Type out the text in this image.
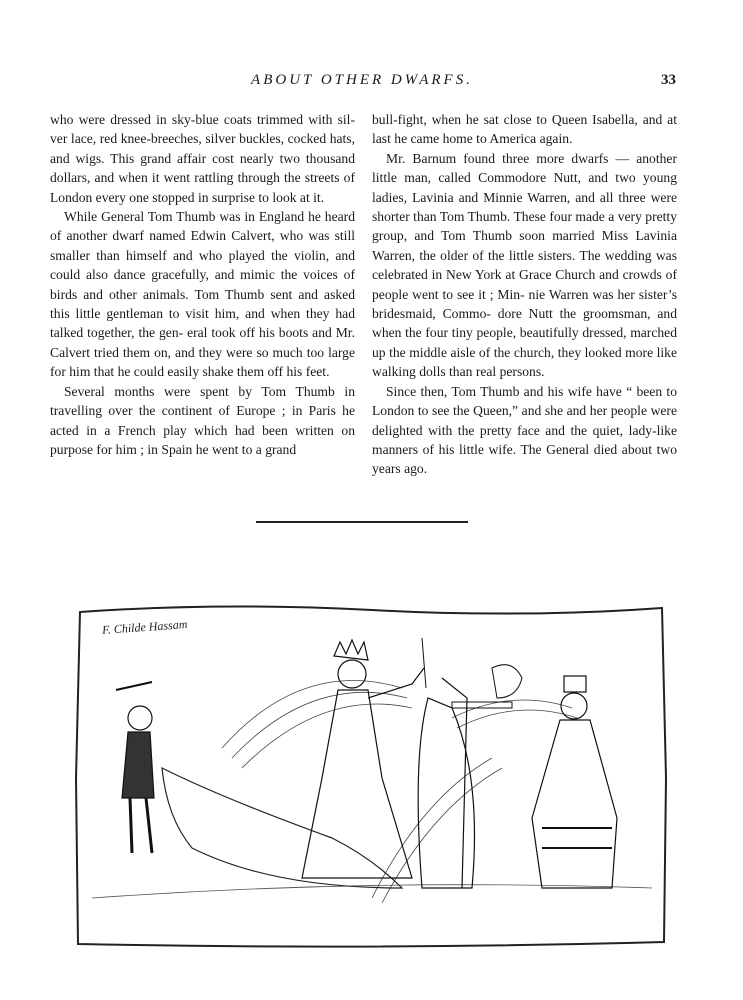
ABOUT OTHER DWARFS.	33

who were dressed in sky-blue coats trimmed with sil- ver lace, red knee-breeches, silver buckles, cocked hats, and wigs. This grand affair cost nearly two thousand dollars, and when it went rattling through the streets of London every one stopped in surprise to look at it.

While General Tom Thumb was in England he heard of another dwarf named Edwin Calvert, who was still smaller than himself and who played the violin, and could also dance gracefully, and mimic the voices of birds and other animals. Tom Thumb sent and asked this little gentleman to visit him, and when they had talked together, the gen- eral took off his boots and Mr. Calvert tried them on, and they were so much too large for him that he could easily shake them off his feet.

Several months were spent by Tom Thumb in travelling over the continent of Europe ; in Paris he acted in a French play which had been written on purpose for him ; in Spain he went to a grand

bull-fight, when he sat close to Queen Isabella, and at last he came home to America again.

Mr. Barnum found three more dwarfs — another little man, called Commodore Nutt, and two young ladies, Lavinia and Minnie Warren, and all three were shorter than Tom Thumb. These four made a very pretty group, and Tom Thumb soon married Miss Lavinia Warren, the older of the little sisters. The wedding was celebrated in New York at Grace Church and crowds of people went to see it ; Min- nie Warren was her sister’s bridesmaid, Commo- dore Nutt the groomsman, and when the four tiny people, beautifully dressed, marched up the middle aisle of the church, they looked more like walking dolls than real persons.

Since then, Tom Thumb and his wife have “ been to London to see the Queen,” and she and her people were delighted with the pretty face and the quiet, lady-like manners of his little wife. The General died about two years ago.

F. Childe Hassam
